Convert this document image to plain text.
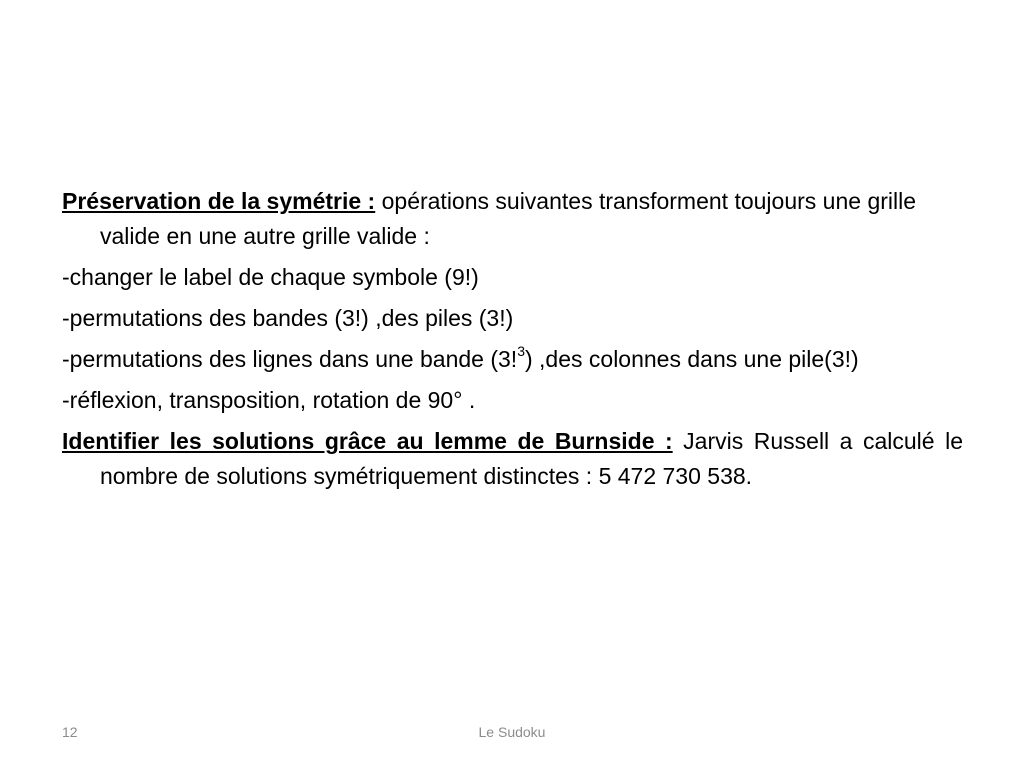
Préservation de la symétrie : opérations suivantes transforment toujours une grille valide en une autre grille valide :

-changer le label de chaque symbole (9!)

-permutations des bandes (3!) ,des piles (3!)

-permutations des lignes dans une bande (3!$^3$) ,des colonnes dans une pile(3!)

-réflexion, transposition, rotation de 90° .

Identifier les solutions grâce au lemme de Burnside : Jarvis Russell a calculé le nombre de solutions symétriquement distinctes : 5 472 730 538.

12	Le Sudoku
